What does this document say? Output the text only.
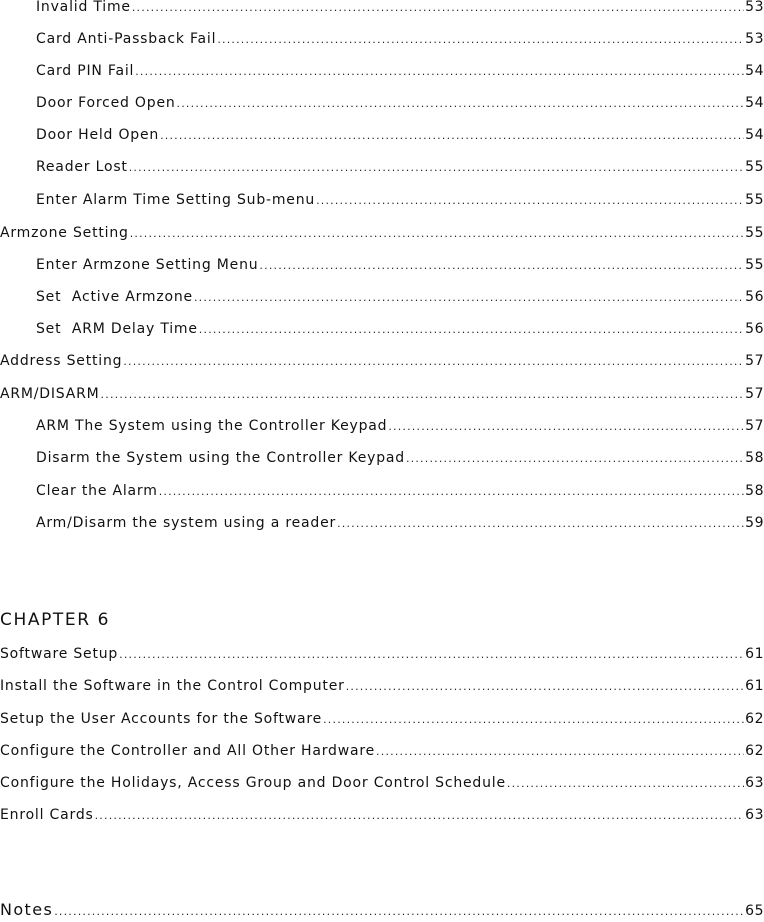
Invalid Time .....	53
Card Anti-Passback Fail .....	53
Card PIN Fail .....	54
Door Forced Open .....	54
Door Held Open .....	54
Reader Lost .....	55
Enter Alarm Time Setting Sub-menu .....	55
Armzone Setting .....	55
Enter Armzone Setting Menu .....	55
Set  Active Armzone .....	56
Set  ARM Delay Time .....	56
Address Setting .....	57
ARM/DISARM .....	57
ARM The System using the Controller Keypad .....	57
Disarm the System using the Controller Keypad .....	58
Clear the Alarm .....	58
Arm/Disarm the system using a reader .....	59
CHAPTER 6
Software Setup .....	61
Install the Software in the Control Computer .....	61
Setup the User Accounts for the Software .....	62
Configure the Controller and All Other Hardware .....	62
Configure the Holidays, Access Group and Door Control Schedule .....	63
Enroll Cards .....	63
Notes .....	65
